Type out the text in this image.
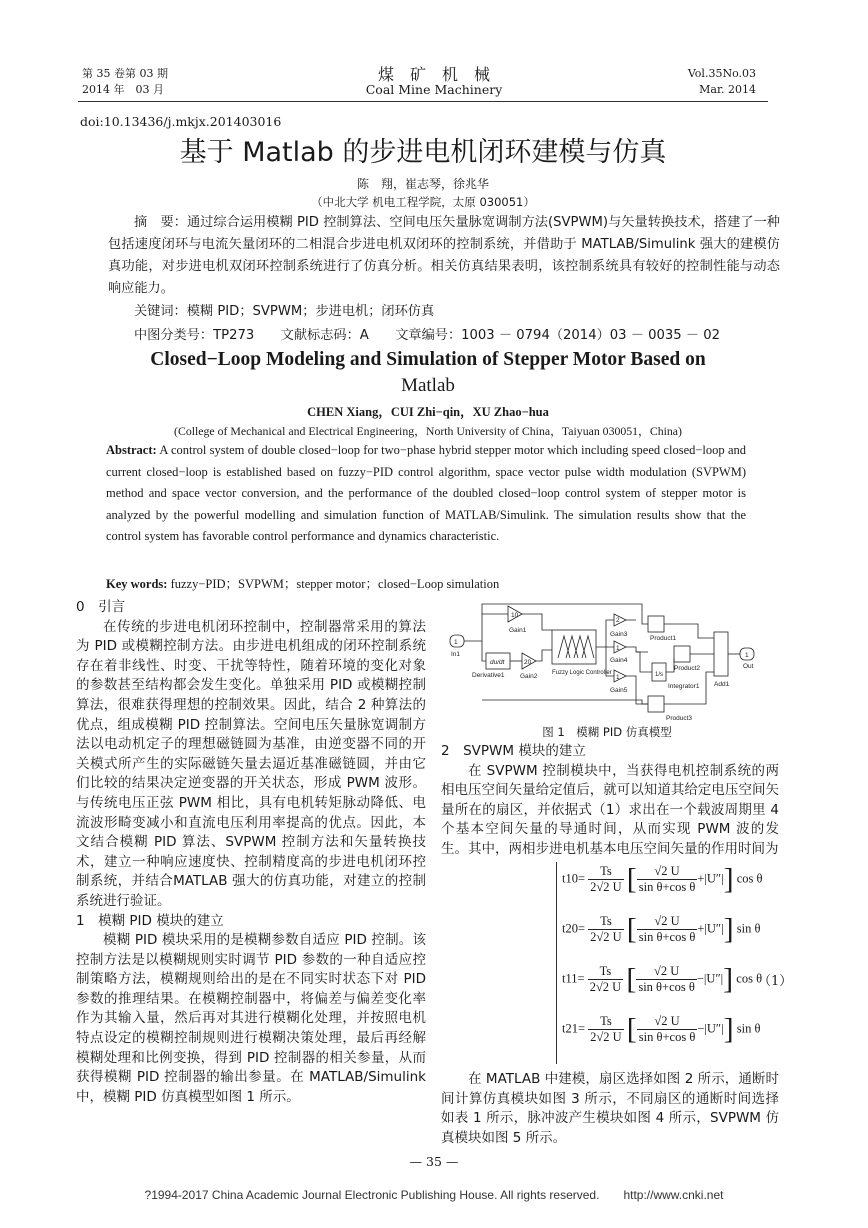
第 35 卷第 03 期
2014 年　03 月
煤　矿　机　械
Coal Mine Machinery
Vol.35No.03
Mar. 2014
doi:10.13436/j.mkjx.201403016
基于 Matlab 的步进电机闭环建模与仿真
陈　翔，崔志琴，徐兆华
（中北大学 机电工程学院，太原 030051）
摘　要：通过综合运用模糊 PID 控制算法、空间电压矢量脉宽调制方法(SVPWM)与矢量转换技术，搭建了一种包括速度闭环与电流矢量闭环的二相混合步进电机双闭环的控制系统，并借助于 MATLAB/Simulink 强大的建模仿真功能，对步进电机双闭环控制系统进行了仿真分析。相关仿真结果表明，该控制系统具有较好的控制性能与动态响应能力。
关键词：模糊 PID；SVPWM；步进电机；闭环仿真
中图分类号：TP273　　文献标志码：A　　文章编号：1003 － 0794（2014）03 － 0035 － 02
Closed−Loop Modeling and Simulation of Stepper Motor Based on
Matlab
CHEN Xiang，CUI Zhi−qin，XU Zhao−hua
(College of Mechanical and Electrical Engineering，North University of China，Taiyuan 030051，China)
Abstract: A control system of double closed−loop for two−phase hybrid stepper motor which including speed closed−loop and current closed−loop is established based on fuzzy−PID control algorithm, space vector pulse width modulation (SVPWM) method and space vector conversion, and the performance of the doubled closed−loop control system of stepper motor is analyzed by the powerful modelling and simulation function of MATLAB/Simulink. The simulation results show that the control system has favorable control performance and dynamics characteristic.
Key words: fuzzy−PID；SVPWM；stepper motor；closed−Loop simulation

0　引言

在传统的步进电机闭环控制中，控制器常采用的算法为 PID 或模糊控制方法。由步进电机组成的闭环控制系统存在着非线性、时变、干扰等特性，随着环境的变化对象的参数甚至结构都会发生变化。单独采用 PID 或模糊控制算法，很难获得理想的控制效果。因此，结合 2 种算法的优点，组成模糊 PID 控制算法。空间电压矢量脉宽调制方法以电动机定子的理想磁链圆为基准，由逆变器不同的开关模式所产生的实际磁链矢量去逼近基准磁链圆，并由它们比较的结果决定逆变器的开关状态，形成 PWM 波形。与传统电压正弦 PWM 相比，具有电机转矩脉动降低、电流波形畸变减小和直流电压利用率提高的优点。因此，本文结合模糊 PID 算法、SVPWM 控制方法和矢量转换技术，建立一种响应速度快、控制精度高的步进电机闭环控制系统，并结合MATLAB 强大的仿真功能，对建立的控制系统进行验证。

1　模糊 PID 模块的建立

模糊 PID 模块采用的是模糊参数自适应 PID 控制。该控制方法是以模糊规则实时调节 PID 参数的一种自适应控制策略方法，模糊规则给出的是在不同实时状态下对 PID 参数的推理结果。在模糊控制器中，将偏差与偏差变化率作为其输入量，然后再对其进行模糊化处理，并按照电机特点设定的模糊控制规则进行模糊决策处理，最后再经解模糊处理和比例变换，得到 PID 控制器的相关参量，从而获得模糊 PID 控制器的输出参量。在 MATLAB/Simulink 中，模糊 PID 仿真模型如图 1 所示。

1
In1
10
Gain1
du/dt
Derivative1
20
Gain2 Fuzzy Logic Controller
2
Gain3
1
Gain4
1
Gain5
Product1
Product2
Product3
1/s
Integrator1 Add1
1
Out
图 1　模糊 PID 仿真模型

2　SVPWM 模块的建立

在 SVPWM 控制模块中，当获得电机控制系统的两相电压空间矢量给定值后，就可以知道其给定电压空间矢量所在的扇区，并依据式（1）求出在一个载波周期里 4 个基本空间矢量的导通时间，从而实现 PWM 波的发生。其中，两相步进电机基本电压空间矢量的作用时间为

（1）
$t10= \frac{Ts}{2√2 U}$ [ $\frac{√2 U}{\text{sin θ+cos θ}} +|U''|$] cos θ
$t20= \frac{Ts}{2√2 U}$ [ $\frac{√2 U}{\text{sin θ+cos θ}} +|U''|$] sin θ
$t11= \frac{Ts}{2√2 U}$ [ $\frac{√2 U}{\text{sin θ+cos θ}} -|U''|$] cos θ
$t21= \frac{Ts}{2√2 U}$ [ $\frac{√2 U}{\text{sin θ+cos θ}} -|U''|$] sin θ

在 MATLAB 中建模，扇区选择如图 2 所示，通断时间计算仿真模块如图 3 所示，不同扇区的通断时间选择如表 1 所示，脉冲波产生模块如图 4 所示，SVPWM 仿真模块如图 5 所示。

— 35 —
?1994-2017 China Academic Journal Electronic Publishing House. All rights reserved.　　http://www.cnki.net
